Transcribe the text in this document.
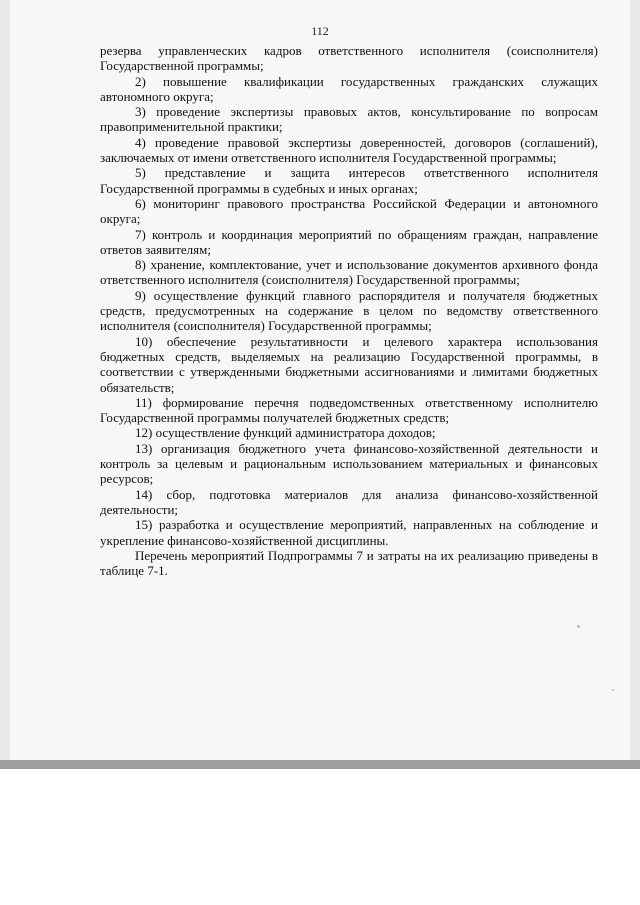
112

резерва управленческих кадров ответственного исполнителя (соисполнителя) Государственной программы;

2) повышение квалификации государственных гражданских служащих автономного округа;

3) проведение экспертизы правовых актов, консультирование по вопросам правоприменительной практики;

4) проведение правовой экспертизы доверенностей, договоров (соглашений), заключаемых от имени ответственного исполнителя Государственной программы;

5) представление и защита интересов ответственного исполнителя Государственной программы в судебных и иных органах;

6) мониторинг правового пространства Российской Федерации и автономного округа;

7) контроль и координация мероприятий по обращениям граждан, направление ответов заявителям;

8) хранение, комплектование, учет и использование документов архивного фонда ответственного исполнителя (соисполнителя) Государственной программы;

9) осуществление функций главного распорядителя и получателя бюджетных средств, предусмотренных на содержание в целом по ведомству ответственного исполнителя (соисполнителя) Государственной программы;

10) обеспечение результативности и целевого характера использования бюджетных средств, выделяемых на реализацию Государственной программы, в соответствии с утвержденными бюджетными ассигнованиями и лимитами бюджетных обязательств;

11) формирование перечня подведомственных ответственному исполнителю Государственной программы получателей бюджетных средств;

12) осуществление функций администратора доходов;

13) организация бюджетного учета финансово-хозяйственной деятельности и контроль за целевым и рациональным использованием материальных и финансовых ресурсов;

14) сбор, подготовка материалов для анализа финансово-хозяйственной деятельности;

15) разработка и осуществление мероприятий, направленных на соблюдение и укрепление финансово-хозяйственной дисциплины.

Перечень мероприятий Подпрограммы 7 и затраты на их реализацию приведены в таблице 7-1.
